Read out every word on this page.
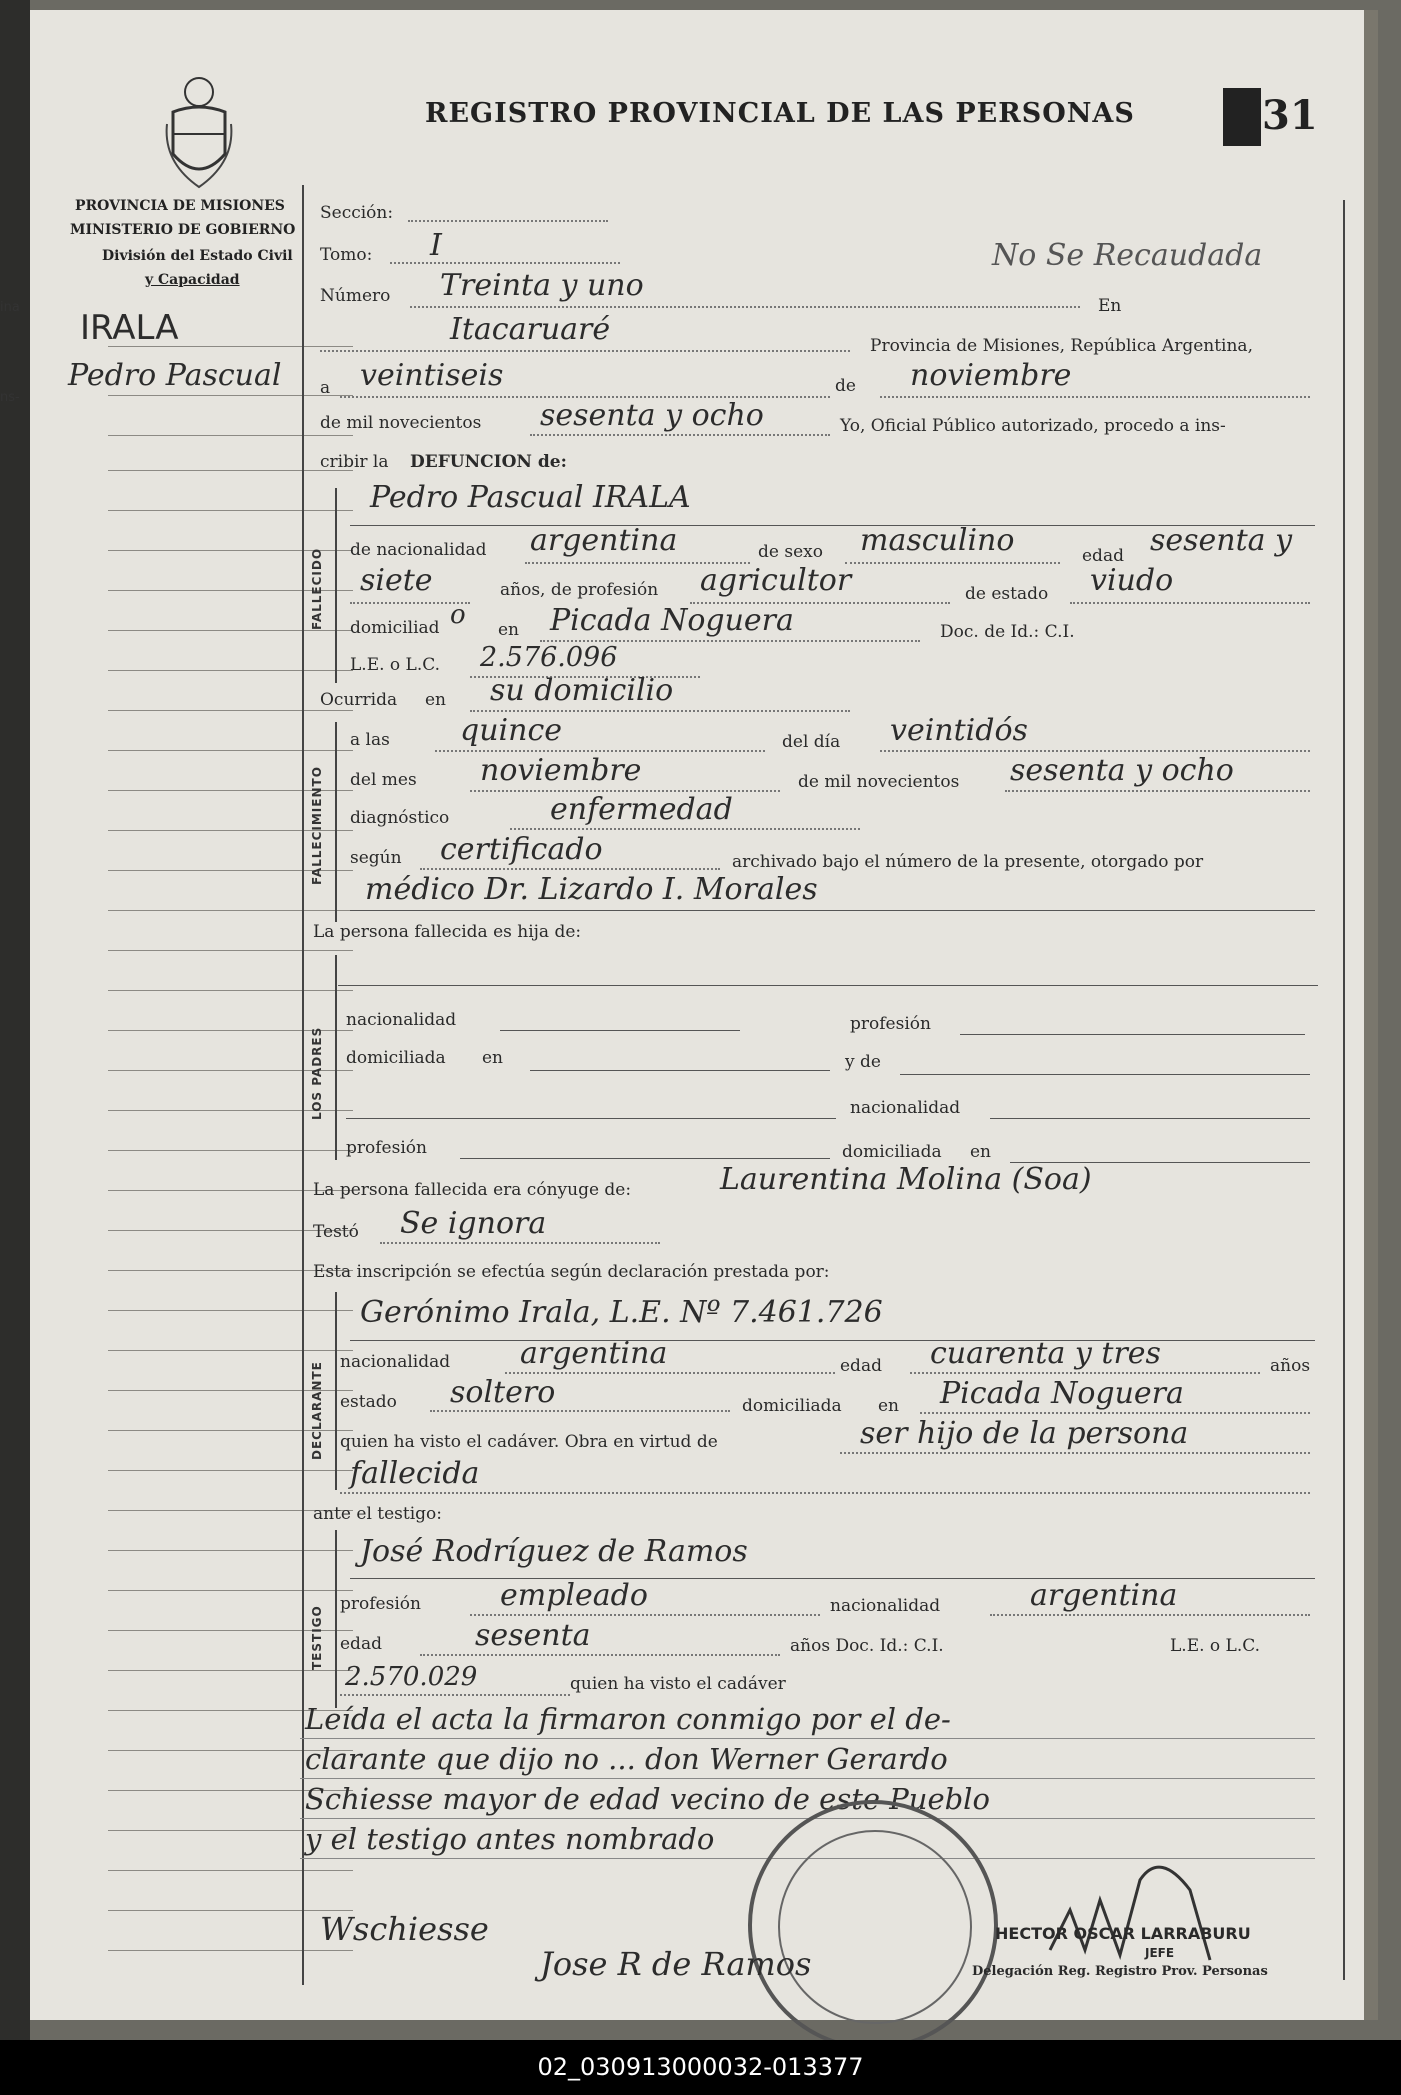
ina
ns-
PROVINCIA DE MISIONES
MINISTERIO DE GOBIERNO
División del Estado Civil
y Capacidad
IRALA
Pedro Pascual
REGISTRO PROVINCIAL DE LAS PERSONAS	31
No Se Recaudada
Sección:
Tomo: I
Número Treinta y uno
En
Itacaruaré	Provincia de Misiones, República Argentina,
a veintiseis	de noviembre
de mil novecientos sesenta y ocho	Yo, Oficial Público autorizado, procedo a ins-
cribir la DEFUNCION de:
FALLECIDO
Pedro Pascual IRALA
de nacionalidad argentina	de sexo masculino	edad sesenta y
siete	años, de profesión agricultor	de estado viudo
domiciliad o en Picada Noguera	Doc. de Id.: C.I.
L.E. o L.C. 2.576.096
Ocurrida en su domicilio
FALLECIMIENTO
a las quince	del día veintidós
del mes noviembre	de mil novecientos sesenta y ocho
diagnóstico	enfermedad
según certificado	archivado bajo el número de la presente, otorgado por
médico Dr. Lizardo I. Morales
La persona fallecida es hija de:
LOS PADRES
nacionalidad	profesión
domiciliada en	y de
nacionalidad
profesión	domiciliada en
La persona fallecida era cónyuge de:	Laurentina Molina (Soa)
Testó Se ignora
Esta inscripción se efectúa según declaración prestada por:
DECLARANTE
Gerónimo Irala, L.E. Nº 7.461.726
nacionalidad argentina	edad cuarenta y tres	años
estado soltero	domiciliada en Picada Noguera
quien ha visto el cadáver. Obra en virtud de	ser hijo de la persona
fallecida
ante el testigo:
TESTIGO
José Rodríguez de Ramos
profesión	empleado	nacionalidad	argentina
edad	sesenta	años Doc. Id.: C.I.	L.E. o L.C.
2.570.029	quien ha visto el cadáver
Leída el acta la firmaron conmigo por el de-
clarante que dijo no ... don Werner Gerardo
Schiesse mayor de edad vecino de este Pueblo
y el testigo antes nombrado
Wschiesse
Jose R de Ramos
HECTOR OSCAR LARRABURU
JEFE
Delegación Reg. Registro Prov. Personas
02_030913000032-013377
